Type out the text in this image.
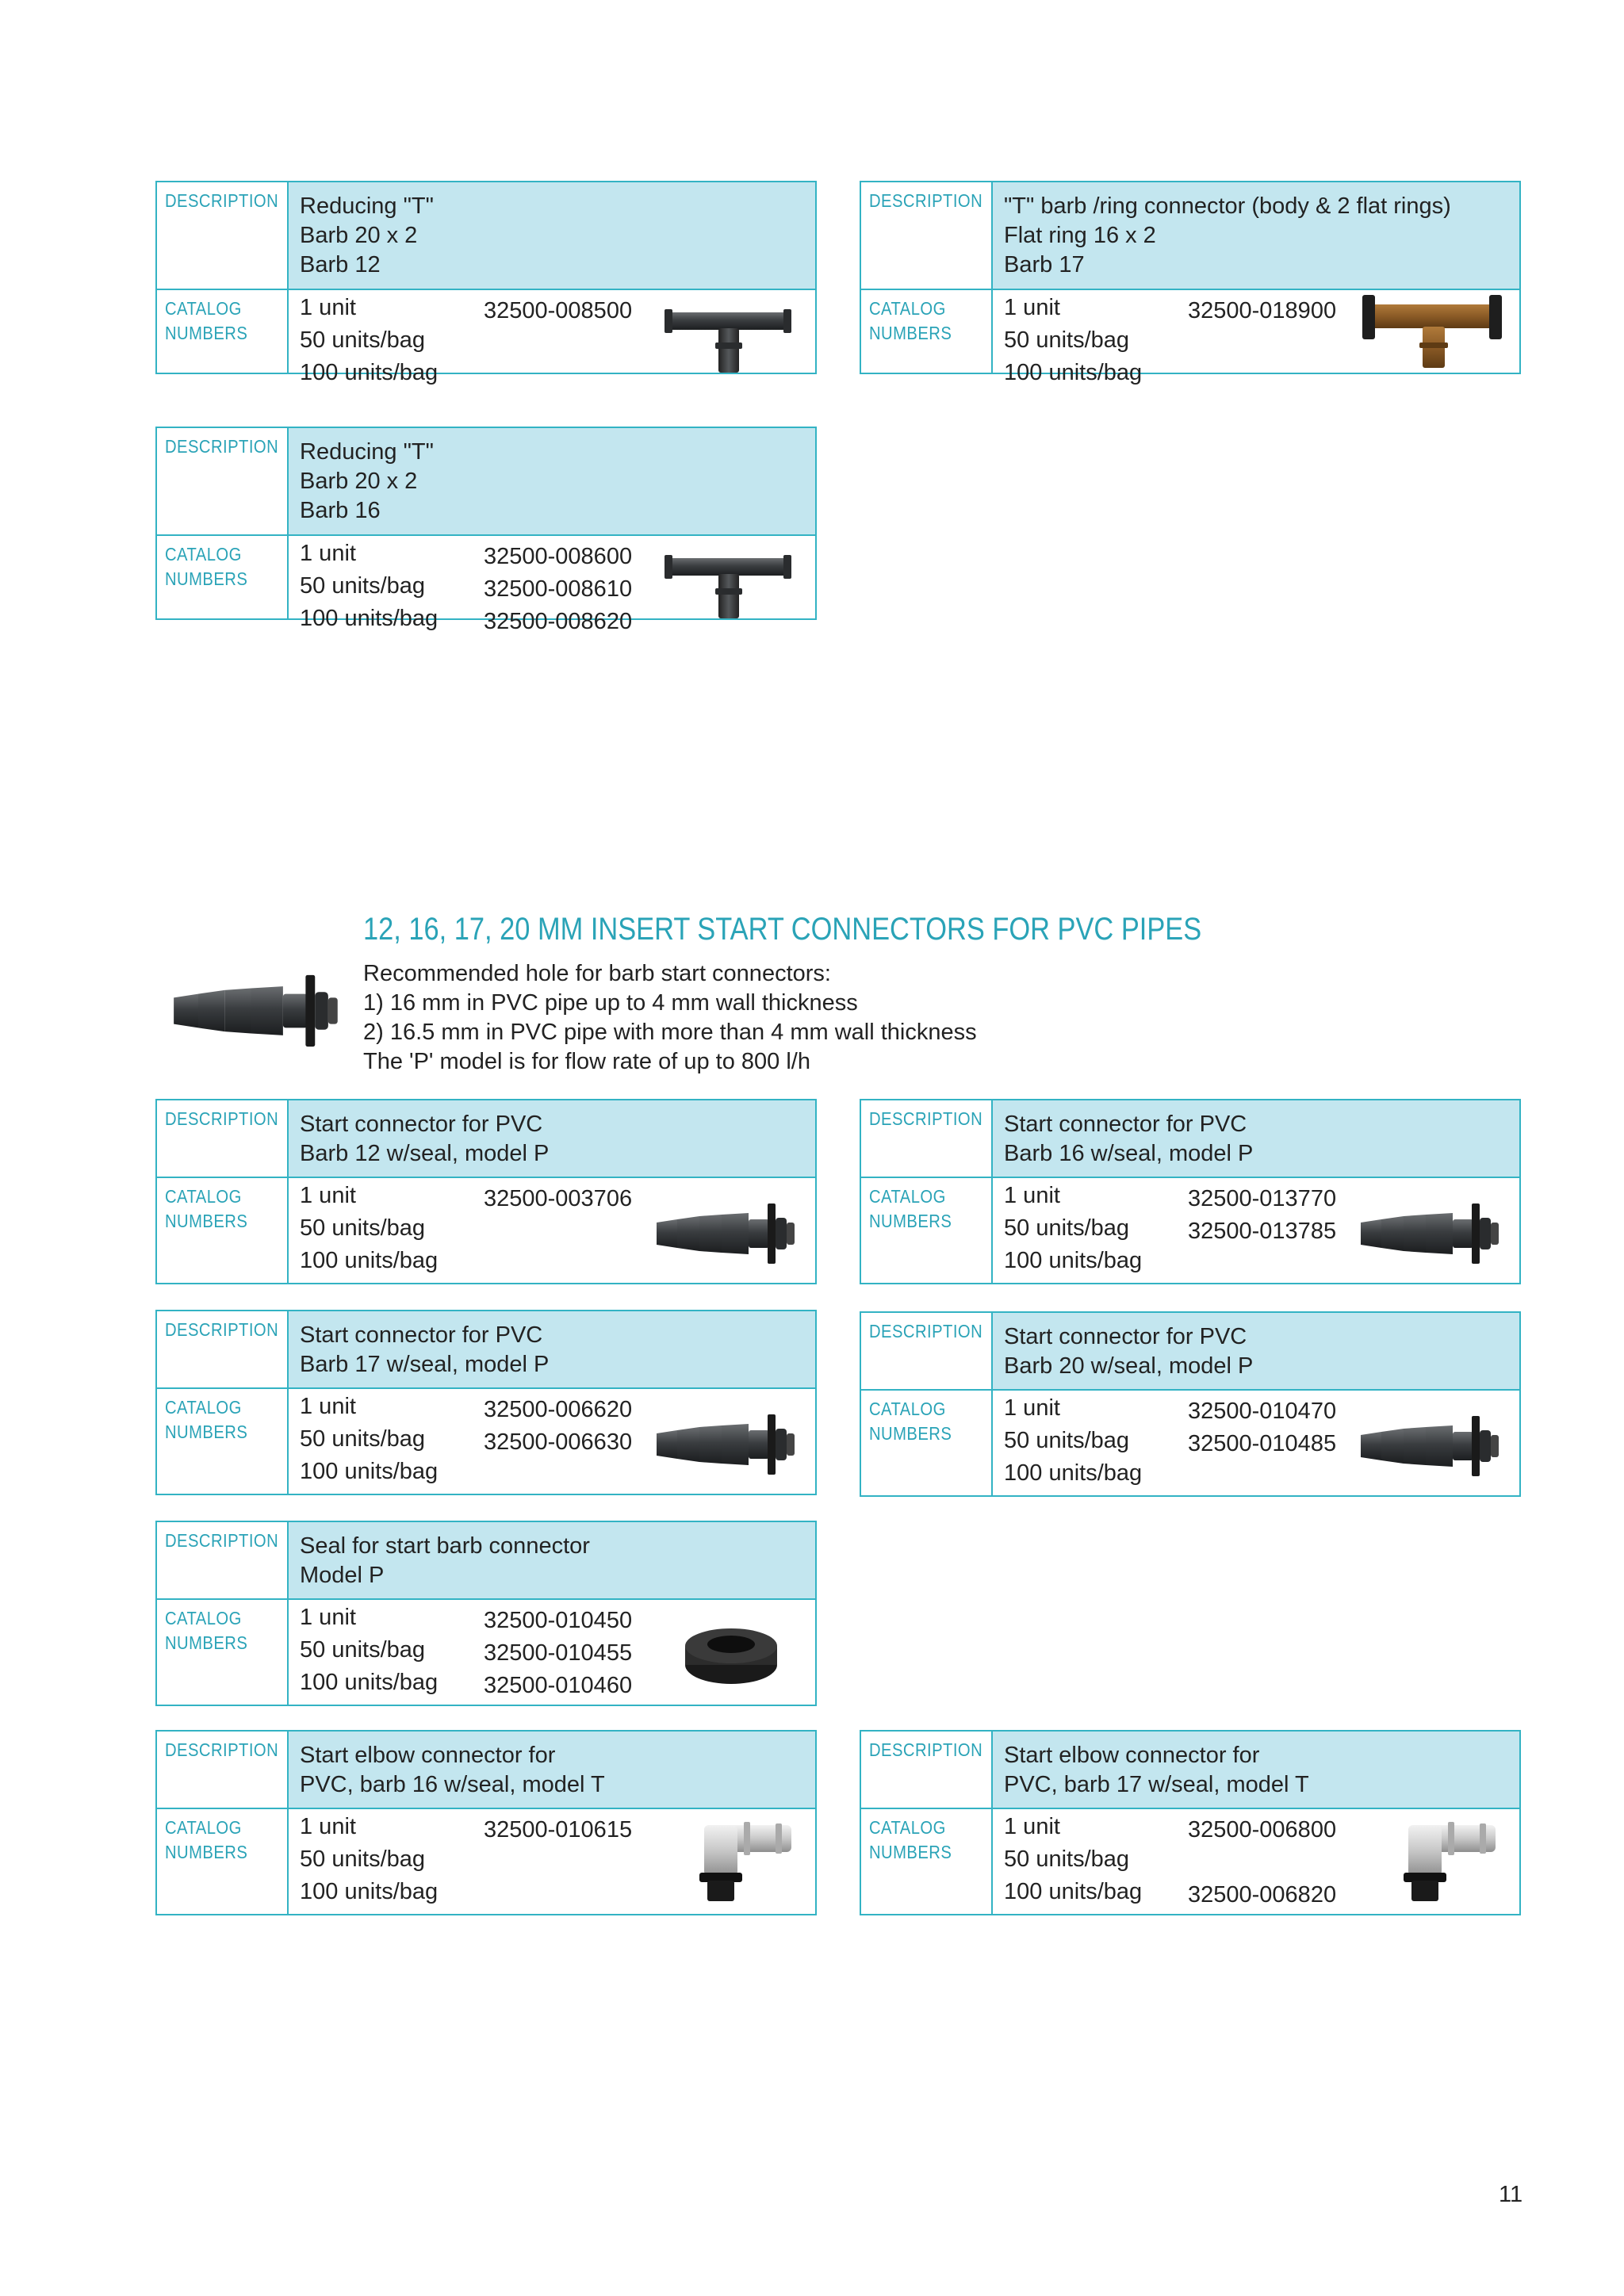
12, 16, 17, 20 MM INSERT START CONNECTORS FOR PVC PIPES
Recommended hole for barb start connectors:
1) 16 mm in PVC pipe up to 4 mm wall thickness
2) 16.5 mm in PVC pipe with more than 4 mm wall thickness
The 'P' model is for flow rate of up to 800 l/h
DESCRIPTION Reducing "T"
Barb 20 x 2
Barb 12
CATALOG
NUMBERS
1 unit
50 units/bag
100 units/bag
32500-008500
DESCRIPTION "T" barb /ring connector (body & 2 flat rings)
Flat ring 16 x 2
Barb 17
CATALOG
NUMBERS
1 unit
50 units/bag
100 units/bag
32500-018900
DESCRIPTION Reducing "T"
Barb 20 x 2
Barb 16
CATALOG
NUMBERS
1 unit
50 units/bag
100 units/bag
32500-008600
32500-008610
32500-008620
DESCRIPTION Start connector for PVC
Barb 12 w/seal, model P
CATALOG
NUMBERS
1 unit
50 units/bag
100 units/bag
32500-003706
DESCRIPTION Start connector for PVC
Barb 16 w/seal, model P
CATALOG
NUMBERS
1 unit
50 units/bag
100 units/bag
32500-013770
32500-013785
DESCRIPTION Start connector for PVC
Barb 17 w/seal, model P
CATALOG
NUMBERS
1 unit
50 units/bag
100 units/bag
32500-006620
32500-006630
DESCRIPTION Start connector for PVC
Barb 20 w/seal, model P
CATALOG
NUMBERS
1 unit
50 units/bag
100 units/bag
32500-010470
32500-010485
DESCRIPTION Seal for start barb connector
Model P
CATALOG
NUMBERS
1 unit
50 units/bag
100 units/bag
32500-010450
32500-010455
32500-010460
DESCRIPTION Start elbow connector for
PVC, barb 16 w/seal, model T
CATALOG
NUMBERS
1 unit
50 units/bag
100 units/bag
32500-010615
DESCRIPTION Start elbow connector for
PVC, barb 17 w/seal, model T
CATALOG
NUMBERS
1 unit
50 units/bag
100 units/bag
32500-006800
32500-006820
11
